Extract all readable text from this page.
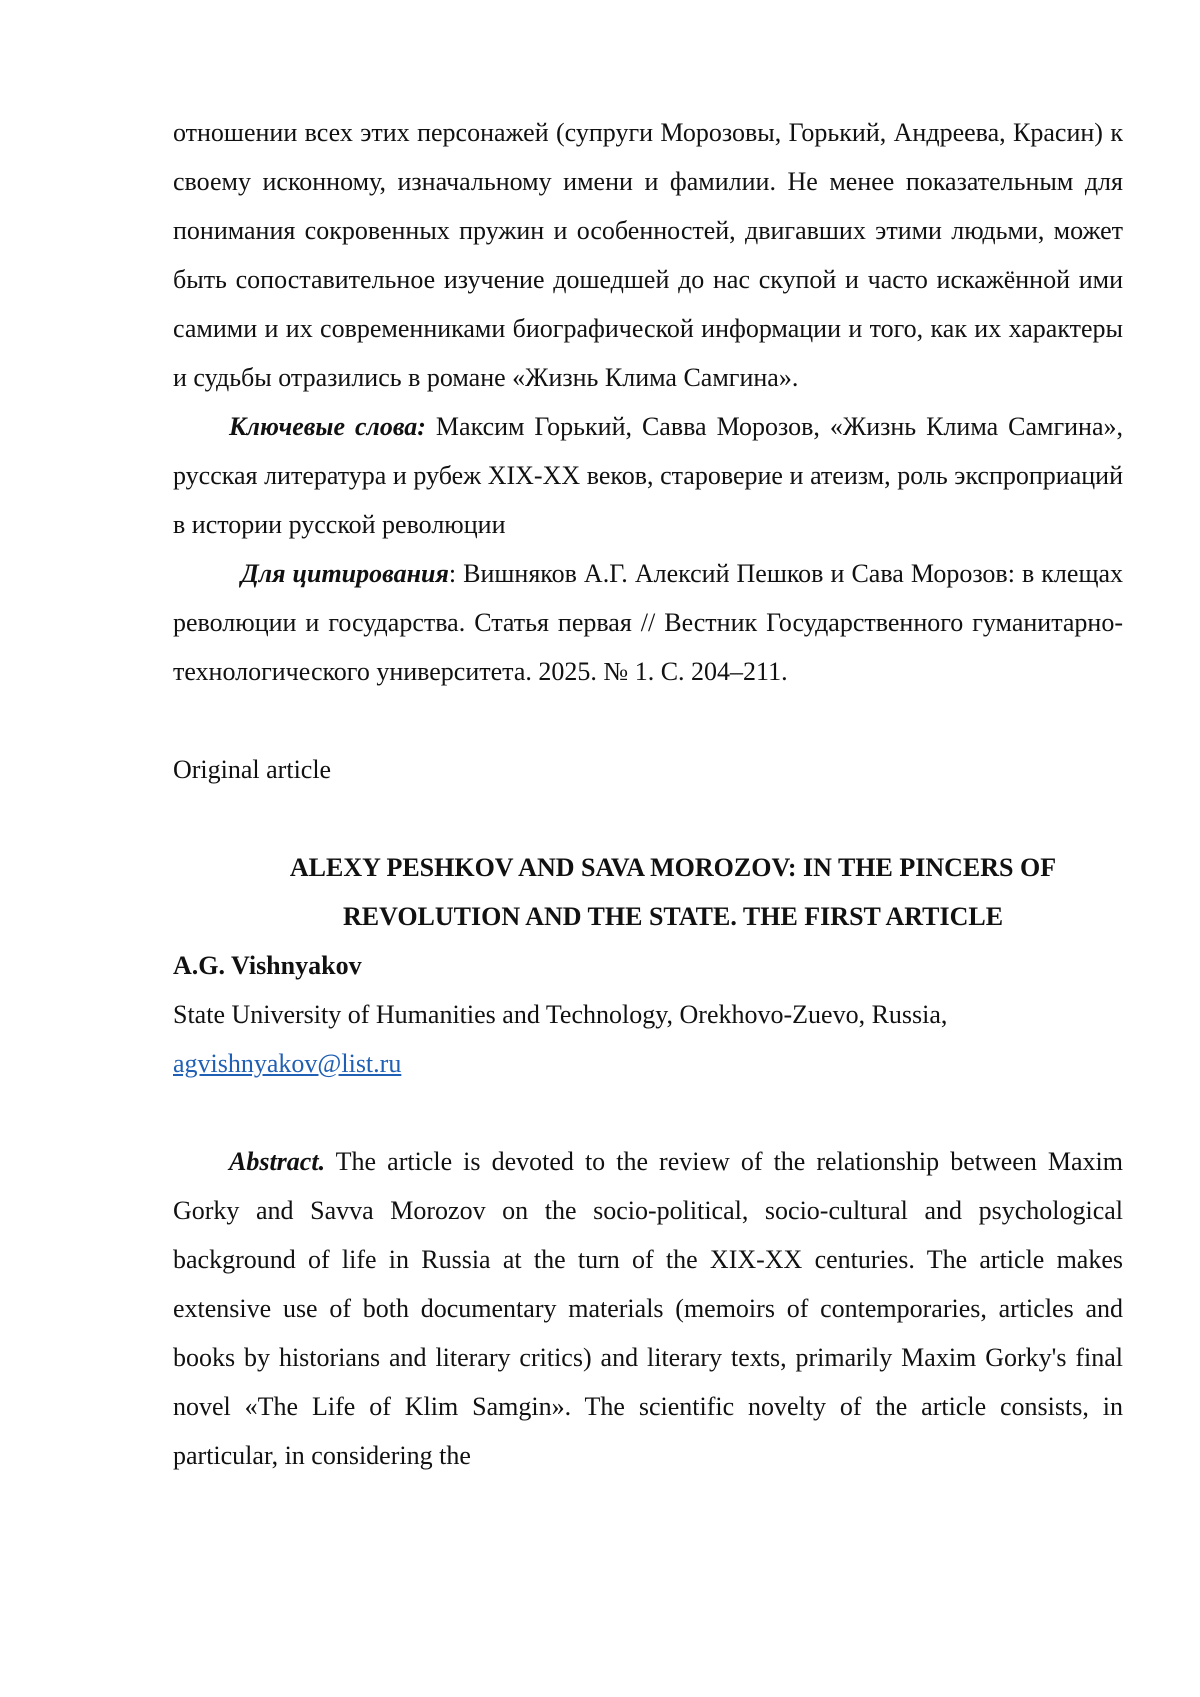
отношении всех этих персонажей (супруги Морозовы, Горький, Андреева, Красин) к своему исконному, изначальному имени и фамилии. Не менее показательным для понимания сокровенных пружин и особенностей, двигавших этими людьми, может быть сопоставительное изучение дошедшей до нас скупой и часто искажённой ими самими и их современниками биографической информации и того, как их характеры и судьбы отразились в романе «Жизнь Клима Самгина».

Ключевые слова: Максим Горький, Савва Морозов, «Жизнь Клима Самгина», русская литература и рубеж XIX-XX веков, староверие и атеизм, роль экспроприаций в истории русской революции

Для цитирования: Вишняков А.Г. Алексий Пешков и Сава Морозов: в клещах революции и государства. Статья первая // Вестник Государственного гуманитарно-технологического университета. 2025. № 1. С. 204–211.

Original article

ALEXY PESHKOV AND SAVA MOROZOV: IN THE PINCERS OF

REVOLUTION AND THE STATE. THE FIRST ARTICLE

A.G. Vishnyakov

State University of Humanities and Technology, Orekhovo-Zuevo, Russia,

agvishnyakov@list.ru

Abstract. The article is devoted to the review of the relationship between Maxim Gorky and Savva Morozov on the socio-political, socio-cultural and psychological background of life in Russia at the turn of the XIX-XX centuries. The article makes extensive use of both documentary materials (memoirs of contemporaries, articles and books by historians and literary critics) and literary texts, primarily Maxim Gorky's final novel «The Life of Klim Samgin». The scientific novelty of the article consists, in particular, in considering the
